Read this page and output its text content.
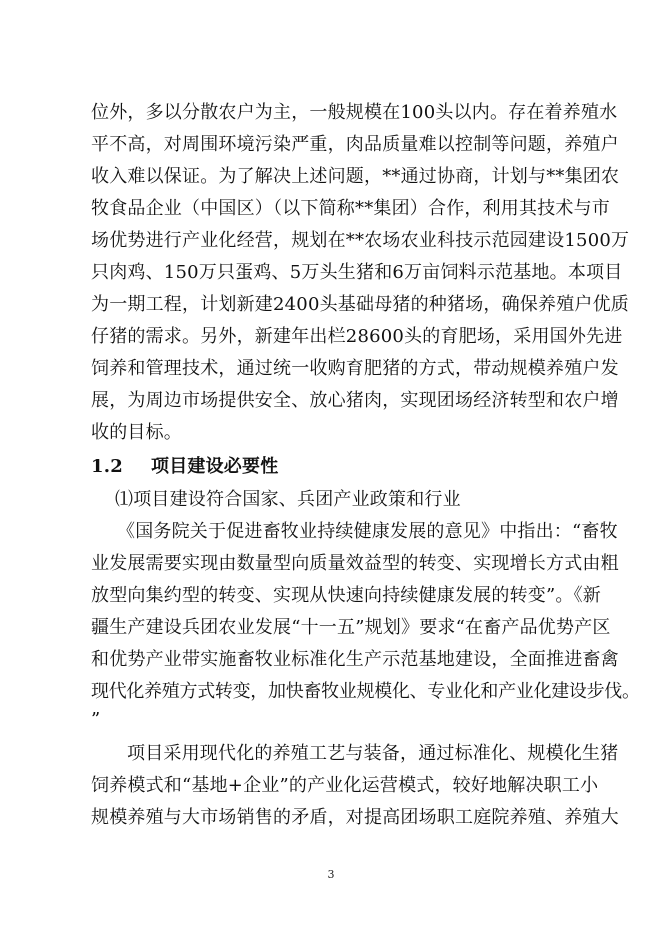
位外，多以分散农户为主，一般规模在100头以内。存在着养殖水
平不高，对周围环境污染严重，肉品质量难以控制等问题，养殖户
收入难以保证。为了解决上述问题，**通过协商，计划与**集团农
牧食品企业（中国区）（以下简称**集团）合作，利用其技术与市
场优势进行产业化经营，规划在**农场农业科技示范园建设1500万
只肉鸡、150万只蛋鸡、5万头生猪和6万亩饲料示范基地。本项目
为一期工程，计划新建2400头基础母猪的种猪场，确保养殖户优质
仔猪的需求。另外，新建年出栏28600头的育肥场，采用国外先进
饲养和管理技术，通过统一收购育肥猪的方式，带动规模养殖户发
展，为周边市场提供安全、放心猪肉，实现团场经济转型和农户增
收的目标。
1.2 项目建设必要性
⑴项目建设符合国家、兵团产业政策和行业
《国务院关于促进畜牧业持续健康发展的意见》中指出：“畜牧
业发展需要实现由数量型向质量效益型的转变、实现增长方式由粗
放型向集约型的转变、实现从快速向持续健康发展的转变”。《新
疆生产建设兵团农业发展“十一五”规划》要求“在畜产品优势产区
和优势产业带实施畜牧业标准化生产示范基地建设，全面推进畜禽
现代化养殖方式转变，加快畜牧业规模化、专业化和产业化建设步伐。
”
项目采用现代化的养殖工艺与装备，通过标准化、规模化生猪
饲养模式和“基地+企业”的产业化运营模式，较好地解决职工小
规模养殖与大市场销售的矛盾，对提高团场职工庭院养殖、养殖大
3
